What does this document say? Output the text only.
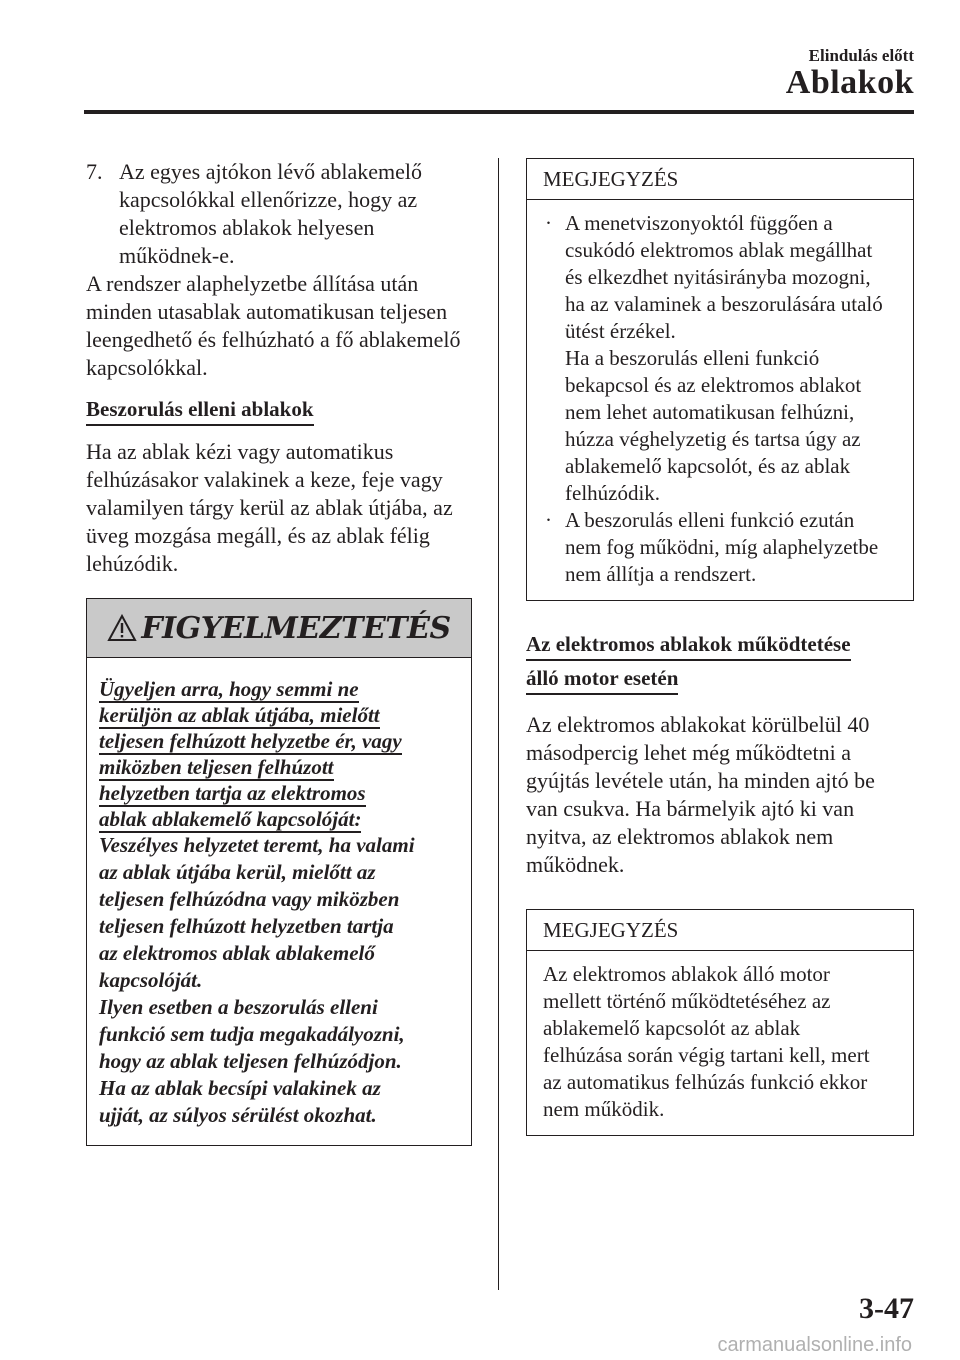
Elindulás előtt
Ablakok
7. Az egyes ajtókon lévő ablakemelő
kapcsolókkal ellenőrizze, hogy az
elektromos ablakok helyesen
működnek-e.
A rendszer alaphelyzetbe állítása után
minden utasablak automatikusan teljesen
leengedhető és felhúzható a fő ablakemelő
kapcsolókkal.
Beszorulás elleni ablakok
Ha az ablak kézi vagy automatikus
felhúzásakor valakinek a keze, feje vagy
valamilyen tárgy kerül az ablak útjába, az
üveg mozgása megáll, és az ablak félig
lehúzódik.
FIGYELMEZTETÉS
Ügyeljen arra, hogy semmi ne
kerüljön az ablak útjába, mielőtt
teljesen felhúzott helyzetbe ér, vagy
miközben teljesen felhúzott
helyzetben tartja az elektromos
ablak ablakemelő kapcsolóját:
Veszélyes helyzetet teremt, ha valami
az ablak útjába kerül, mielőtt az
teljesen felhúzódna vagy miközben
teljesen felhúzott helyzetben tartja
az elektromos ablak ablakemelő
kapcsolóját.
Ilyen esetben a beszorulás elleni
funkció sem tudja megakadályozni,
hogy az ablak teljesen felhúzódjon.
Ha az ablak becsípi valakinek az
ujját, az súlyos sérülést okozhat.
MEGJEGYZÉS
· A menetviszonyoktól függően a
csukódó elektromos ablak megállhat
és elkezdhet nyitásirányba mozogni,
ha az valaminek a beszorulására utaló
ütést érzékel.
Ha a beszorulás elleni funkció
bekapcsol és az elektromos ablakot
nem lehet automatikusan felhúzni,
húzza véghelyzetig és tartsa úgy az
ablakemelő kapcsolót, és az ablak
felhúzódik.
· A beszorulás elleni funkció ezután
nem fog működni, míg alaphelyzetbe
nem állítja a rendszert.
Az elektromos ablakok működtetése
álló motor esetén
Az elektromos ablakokat körülbelül 40
másodpercig lehet még működtetni a
gyújtás levétele után, ha minden ajtó be
van csukva. Ha bármelyik ajtó ki van
nyitva, az elektromos ablakok nem
működnek.
MEGJEGYZÉS
Az elektromos ablakok álló motor
mellett történő működtetéséhez az
ablakemelő kapcsolót az ablak
felhúzása során végig tartani kell, mert
az automatikus felhúzás funkció ekkor
nem működik.
3-47
carmanualsonline.info
